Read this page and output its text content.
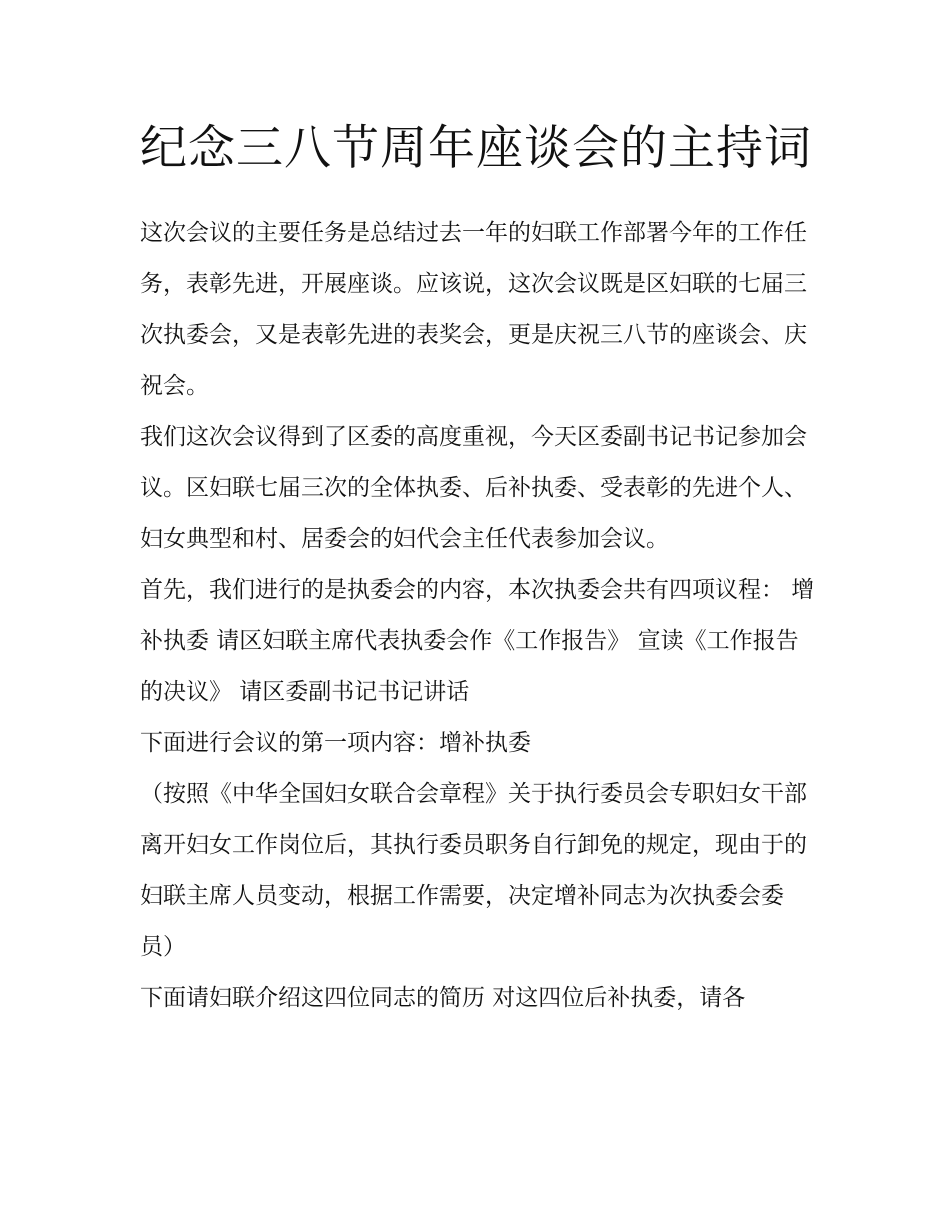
纪念三八节周年座谈会的主持词

这次会议的主要任务是总结过去一年的妇联工作部署今年的工作任务，表彰先进，开展座谈。应该说，这次会议既是区妇联的七届三次执委会，又是表彰先进的表奖会，更是庆祝三八节的座谈会、庆祝会。

我们这次会议得到了区委的高度重视，今天区委副书记书记参加会议。区妇联七届三次的全体执委、后补执委、受表彰的先进个人、妇女典型和村、居委会的妇代会主任代表参加会议。

首先，我们进行的是执委会的内容，本次执委会共有四项议程： 增补执委 请区妇联主席代表执委会作《工作报告》 宣读《工作报告的决议》 请区委副书记书记讲话

下面进行会议的第一项内容：增补执委

（按照《中华全国妇女联合会章程》关于执行委员会专职妇女干部离开妇女工作岗位后，其执行委员职务自行卸免的规定，现由于的妇联主席人员变动，根据工作需要，决定增补同志为次执委会委员）

下面请妇联介绍这四位同志的简历 对这四位后补执委，请各
